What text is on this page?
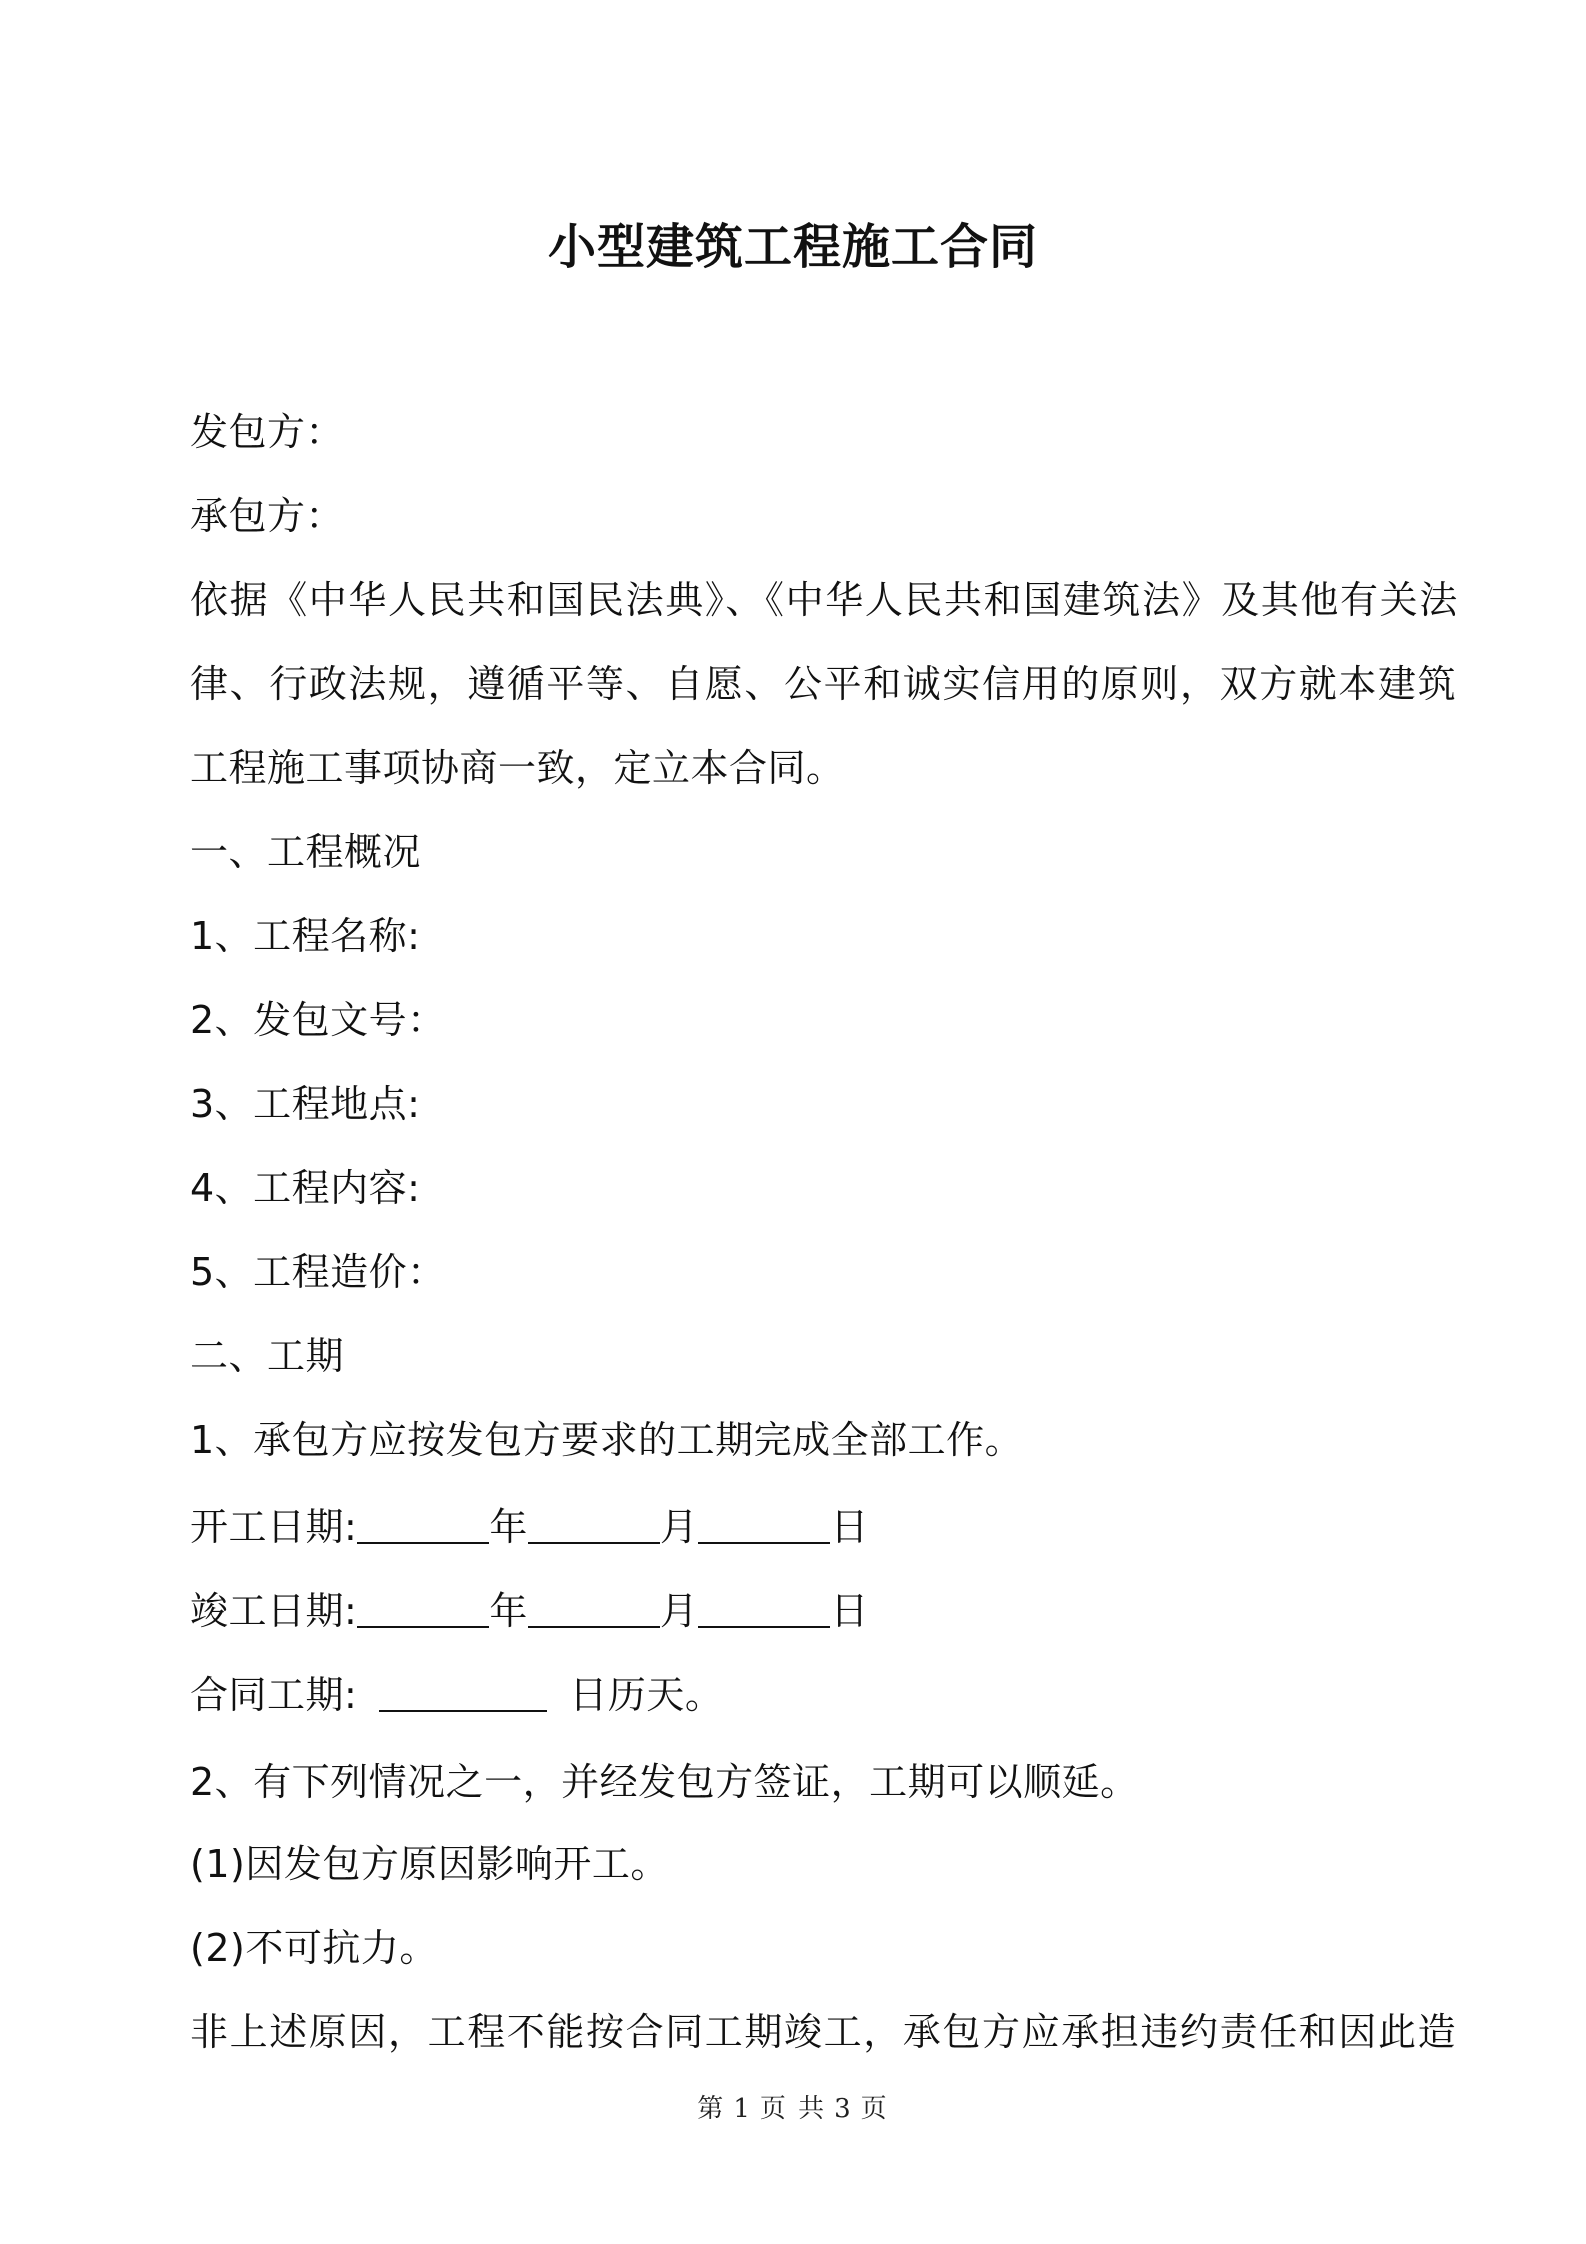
小型建筑工程施工合同
发包方：
承包方：
依据《中华人民共和国民法典》、《中华人民共和国建筑法》及其他有关法
律、行政法规，遵循平等、自愿、公平和诚实信用的原则，双方就本建筑
工程施工事项协商一致，定立本合同。
一、工程概况
1、工程名称:
2、发包文号：
3、工程地点:
4、工程内容:
5、工程造价：
二、工期
1、承包方应按发包方要求的工期完成全部工作。
开工日期:	年	月	日
竣工日期:	年	月	日
合同工期:	日历天。
2、有下列情况之一，并经发包方签证，工期可以顺延。
(1)因发包方原因影响开工。
(2)不可抗力。
非上述原因，工程不能按合同工期竣工，承包方应承担违约责任和因此造
第 1 页 共 3 页
